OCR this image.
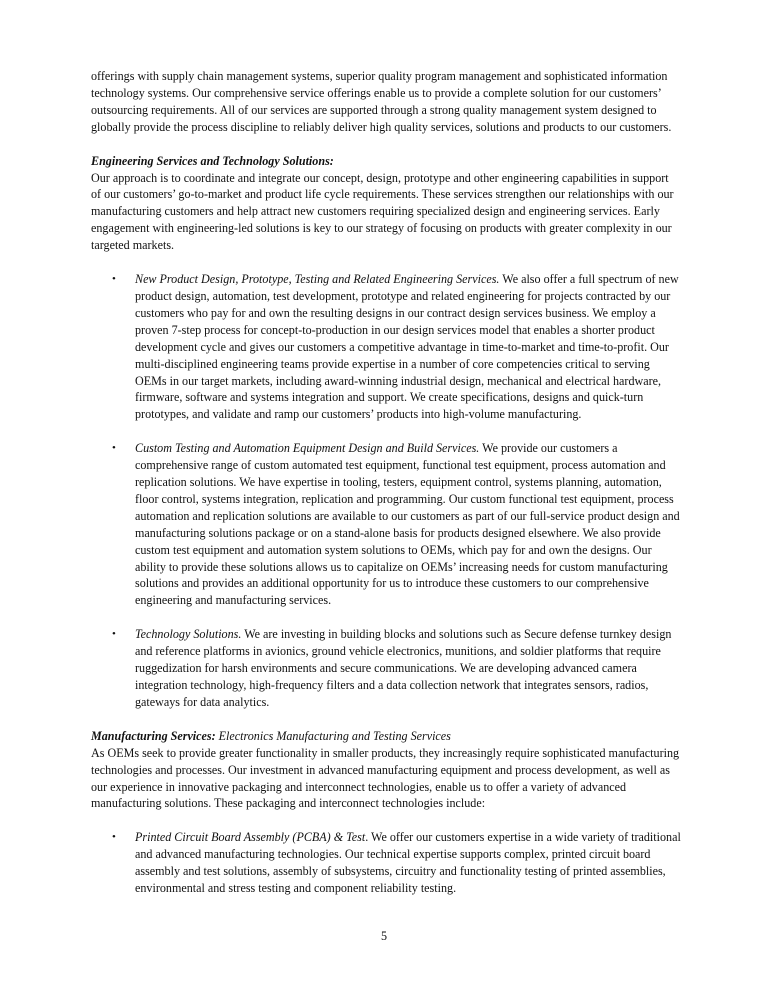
offerings with supply chain management systems, superior quality program management and sophisticated information technology systems. Our comprehensive service offerings enable us to provide a complete solution for our customers’ outsourcing requirements. All of our services are supported through a strong quality management system designed to globally provide the process discipline to reliably deliver high quality services, solutions and products to our customers.

Engineering Services and Technology Solutions:

Our approach is to coordinate and integrate our concept, design, prototype and other engineering capabilities in support of our customers’ go-to-market and product life cycle requirements. These services strengthen our relationships with our manufacturing customers and help attract new customers requiring specialized design and engineering services. Early engagement with engineering-led solutions is key to our strategy of focusing on products with greater complexity in our targeted markets.

• New Product Design, Prototype, Testing and Related Engineering Services. We also offer a full spectrum of new product design, automation, test development, prototype and related engineering for projects contracted by our customers who pay for and own the resulting designs in our contract design services business. We employ a proven 7-step process for concept-to-production in our design services model that enables a shorter product development cycle and gives our customers a competitive advantage in time-to-market and time-to-profit. Our multi-disciplined engineering teams provide expertise in a number of core competencies critical to serving OEMs in our target markets, including award-winning industrial design, mechanical and electrical hardware, firmware, software and systems integration and support. We create specifications, designs and quick-turn prototypes, and validate and ramp our customers’ products into high-volume manufacturing.
• Custom Testing and Automation Equipment Design and Build Services. We provide our customers a comprehensive range of custom automated test equipment, functional test equipment, process automation and replication solutions. We have expertise in tooling, testers, equipment control, systems planning, automation, floor control, systems integration, replication and programming. Our custom functional test equipment, process automation and replication solutions are available to our customers as part of our full-service product design and manufacturing solutions package or on a stand-alone basis for products designed elsewhere. We also provide custom test equipment and automation system solutions to OEMs, which pay for and own the designs. Our ability to provide these solutions allows us to capitalize on OEMs’ increasing needs for custom manufacturing solutions and provides an additional opportunity for us to introduce these customers to our comprehensive engineering and manufacturing services.
• Technology Solutions. We are investing in building blocks and solutions such as Secure defense turnkey design and reference platforms in avionics, ground vehicle electronics, munitions, and soldier platforms that require ruggedization for harsh environments and secure communications. We are developing advanced camera integration technology, high-frequency filters and a data collection network that integrates sensors, radios, gateways for data analytics.

Manufacturing Services: Electronics Manufacturing and Testing Services

As OEMs seek to provide greater functionality in smaller products, they increasingly require sophisticated manufacturing technologies and processes. Our investment in advanced manufacturing equipment and process development, as well as our experience in innovative packaging and interconnect technologies, enable us to offer a variety of advanced manufacturing solutions. These packaging and interconnect technologies include:

• Printed Circuit Board Assembly (PCBA) & Test. We offer our customers expertise in a wide variety of traditional and advanced manufacturing technologies. Our technical expertise supports complex, printed circuit board assembly and test solutions, assembly of subsystems, circuitry and functionality testing of printed assemblies, environmental and stress testing and component reliability testing.
5
